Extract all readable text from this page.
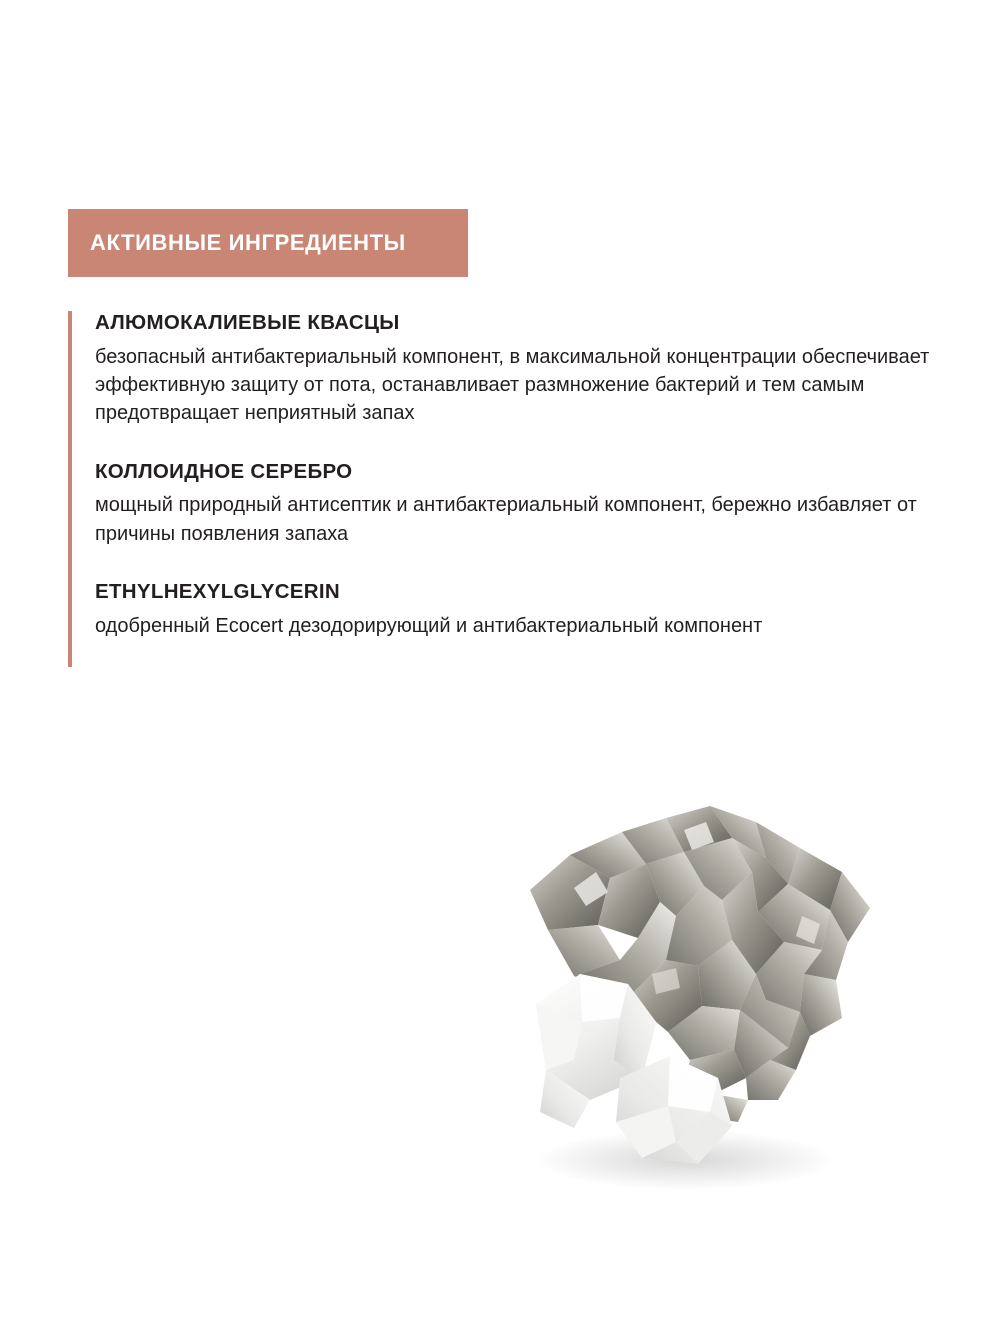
АКТИВНЫЕ ИНГРЕДИЕНТЫ

АЛЮМОКАЛИЕВЫЕ КВАСЦЫ

безопасный антибактериальный компонент, в максимальной концентрации обеспечивает эффективную защиту от пота, останавливает размножение бактерий и тем самым предотвращает неприятный запах

КОЛЛОИДНОЕ СЕРЕБРО

мощный природный антисептик и антибактериальный компонент, бережно избавляет от причины появления запаха

ETHYLHEXYLGLYCERIN

одобренный Ecocert дезодорирующий и антибактериальный компонент
